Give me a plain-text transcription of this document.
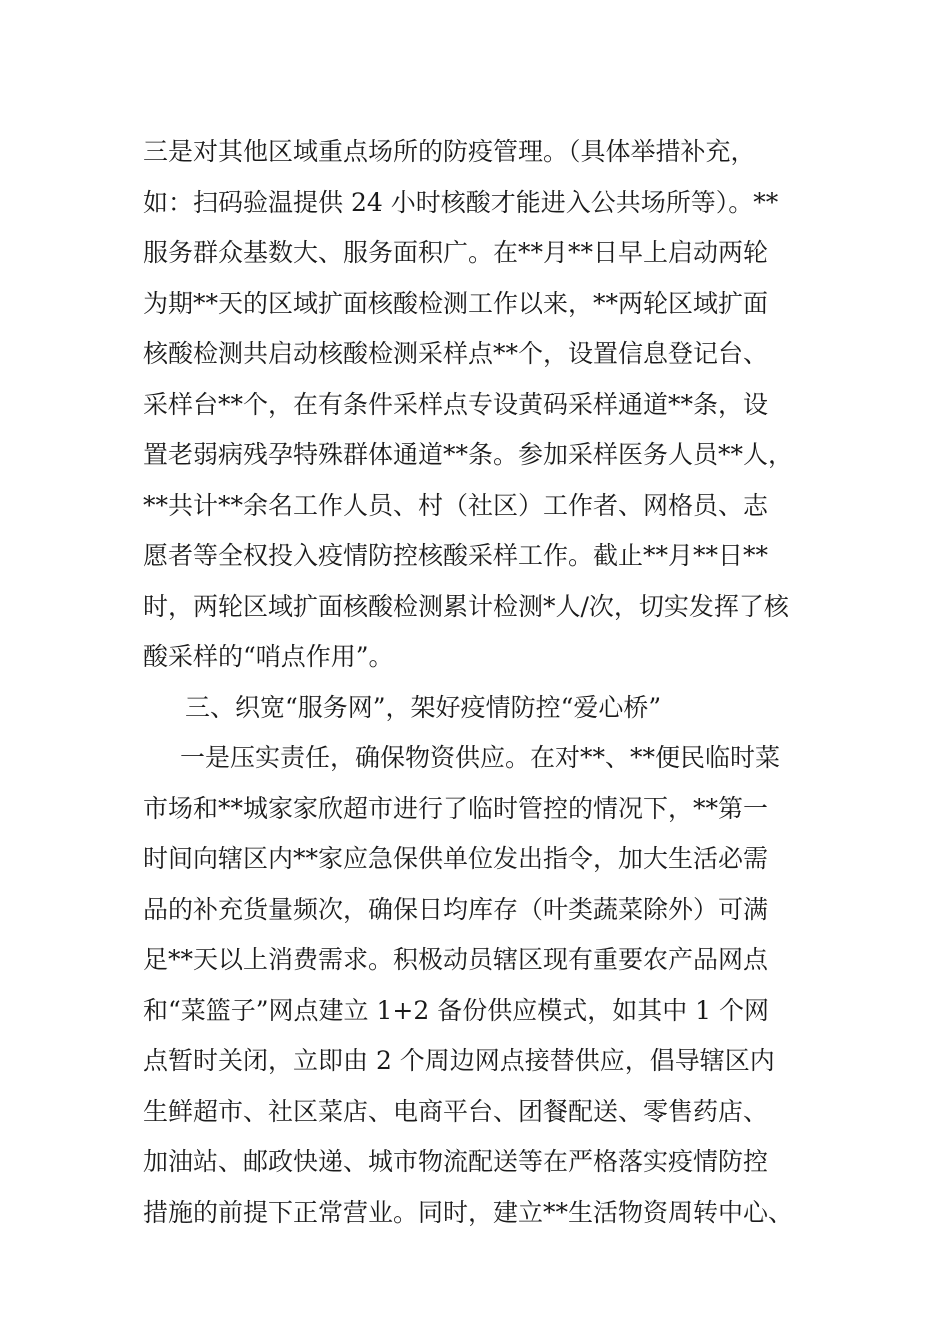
三是对其他区域重点场所的防疫管理。（具体举措补充，
如：扫码验温提供 24 小时核酸才能进入公共场所等）。**
服务群众基数大、服务面积广。在**月**日早上启动两轮
为期**天的区域扩面核酸检测工作以来，**两轮区域扩面
核酸检测共启动核酸检测采样点**个，设置信息登记台、
采样台**个，在有条件采样点专设黄码采样通道**条，设
置老弱病残孕特殊群体通道**条。参加采样医务人员**人，
**共计**余名工作人员、村（社区）工作者、网格员、志
愿者等全权投入疫情防控核酸采样工作。截止**月**日**
时，两轮区域扩面核酸检测累计检测*人/次，切实发挥了核
酸采样的“哨点作用”。
三、织宽“服务网”，架好疫情防控“爱心桥”
一是压实责任，确保物资供应。在对**、**便民临时菜
市场和**城家家欣超市进行了临时管控的情况下，**第一
时间向辖区内**家应急保供单位发出指令，加大生活必需
品的补充货量频次，确保日均库存（叶类蔬菜除外）可满
足**天以上消费需求。积极动员辖区现有重要农产品网点
和“菜篮子”网点建立 1+2 备份供应模式，如其中 1 个网
点暂时关闭，立即由 2 个周边网点接替供应，倡导辖区内
生鲜超市、社区菜店、电商平台、团餐配送、零售药店、
加油站、邮政快递、城市物流配送等在严格落实疫情防控
措施的前提下正常营业。同时，建立**生活物资周转中心、
